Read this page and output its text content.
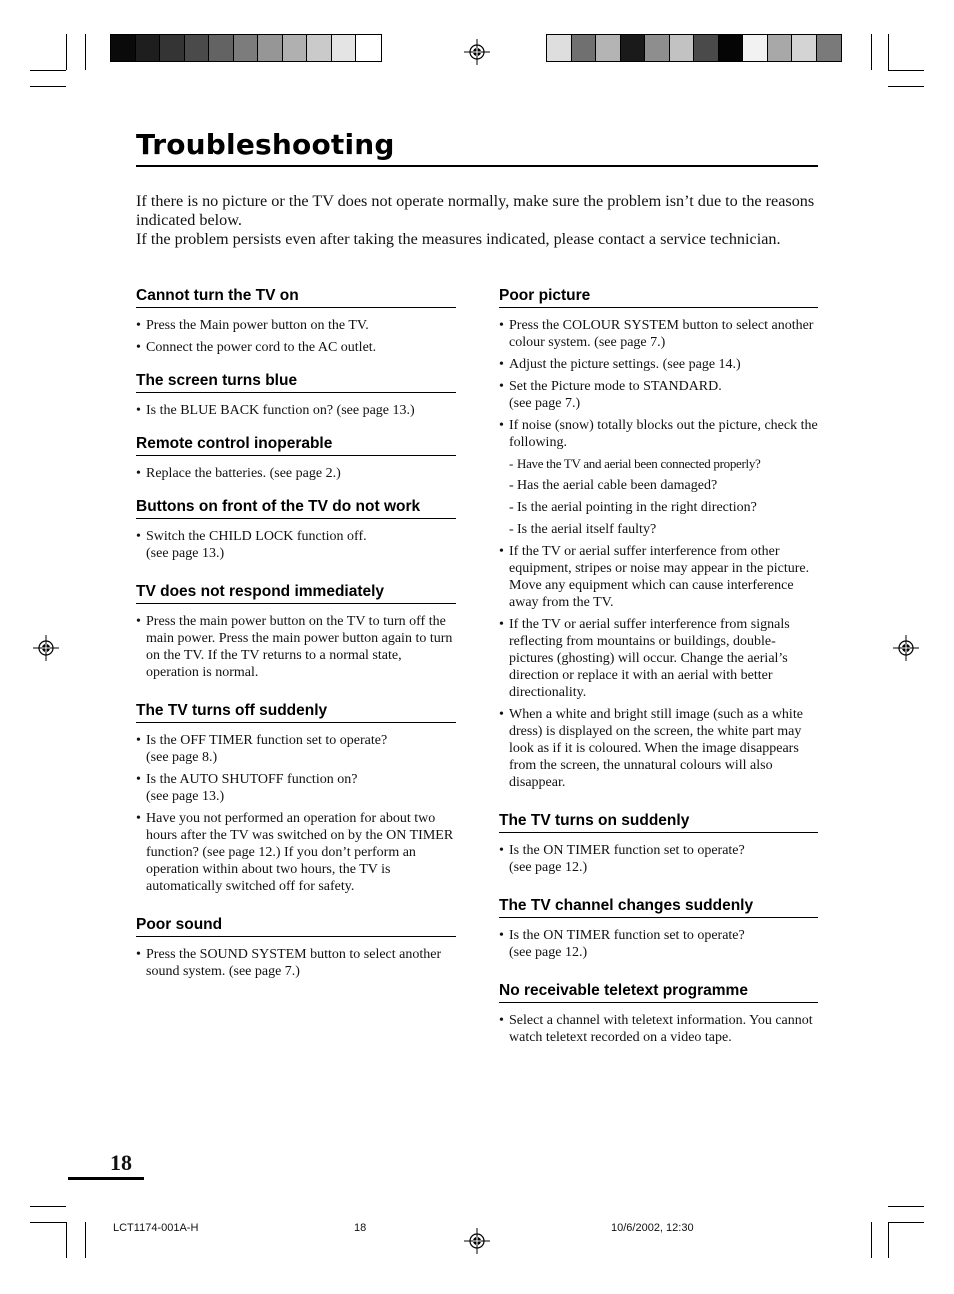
Troubleshooting

If there is no picture or the TV does not operate normally, make sure the problem isn’t due to the reasons indicated below.

If the problem persists even after taking the measures indicated, please contact a service technician.

Cannot turn the TV on
• Press the Main power button on the TV.
• Connect the power cord to the AC outlet.
The screen turns blue
• Is the BLUE BACK function on? (see page 13.)
Remote control inoperable
• Replace the batteries. (see page 2.)
Buttons on front of the TV do not work
• Switch the CHILD LOCK function off.
(see page 13.)
TV does not respond immediately
• Press the main power button on the TV to turn off the main power. Press the main power button again to turn on the TV. If the TV returns to a normal state, operation is normal.
The TV turns off suddenly
• Is the OFF TIMER function set to operate?
(see page 8.)
• Is the AUTO SHUTOFF function on?
(see page 13.)
• Have you not performed an operation for about two hours after the TV was switched on by the ON TIMER function? (see page 12.) If you don’t perform an operation within about two hours, the TV is automatically switched off for safety.
Poor sound
• Press the SOUND SYSTEM button to select another sound system. (see page 7.)
Poor picture
• Press the COLOUR SYSTEM button to select another colour system. (see page 7.)
• Adjust the picture settings. (see page 14.)
• Set the Picture mode to STANDARD.
(see page 7.)
• If noise (snow) totally blocks out the picture, check the following.
- Have the TV and aerial been connected properly?
- Has the aerial cable been damaged?
- Is the aerial pointing in the right direction?
- Is the aerial itself faulty?
• If the TV or aerial suffer interference from other equipment, stripes or noise may appear in the picture. Move any equipment which can cause interference away from the TV.
• If the TV or aerial suffer interference from signals reflecting from mountains or buildings, double-pictures (ghosting) will occur. Change the aerial’s direction or replace it with an aerial with better directionality.
• When a white and bright still image (such as a white dress) is displayed on the screen, the white part may look as if it is coloured. When the image disappears from the screen, the unnatural colours will also disappear.
The TV turns on suddenly
• Is the ON TIMER function set to operate?
(see page 12.)
The TV channel changes suddenly
• Is the ON TIMER function set to operate?
(see page 12.)
No receivable teletext programme
• Select a channel with teletext information. You cannot watch teletext recorded on a video tape.
18
LCT1174-001A-H	18	10/6/2002, 12:30
